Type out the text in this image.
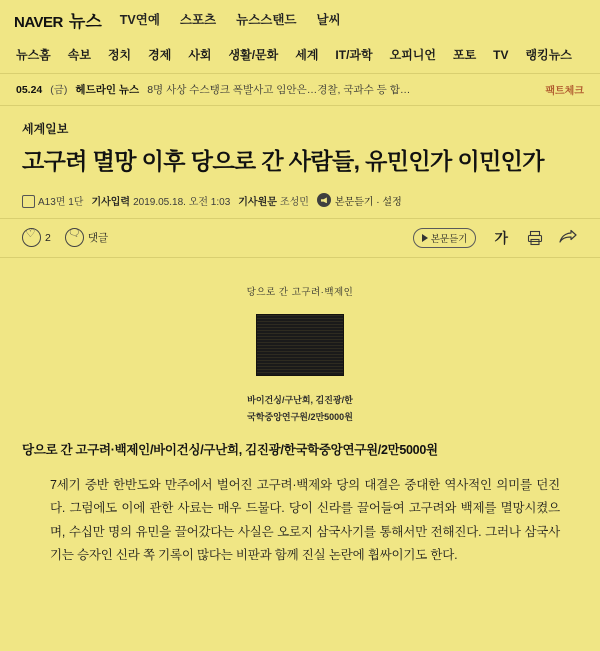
NAVER 뉴스 TV연예 스포츠 뉴스스탠드 날씨
뉴스홈 속보 정치 경제 사회 생활/문화 세계 IT/과학 오피니언 포토 TV 랭킹뉴스
05.24 (금) 헤드라인 뉴스 8명 사상 수스탱크 폭발사고 임안은…경찰, 국과수 등 합…	팩트체크
세계일보
고구려 멸망 이후 당으로 간 사람들, 유민인가 이민인가
A13면 1단 기사입력 2019.05.18. 오전 1:03 기사원문 조성민	본문듣기 · 설정
♡
2 🗨	댓글	본문듣기 가
당으로 간 고구려·백제인
바이건싱/구난희, 김진광/한
국학중앙연구원/2만5000원
당으로 간 고구려·백제인/바이건싱/구난희, 김진광/한국학중앙연구원/2만5000원
7세기 중반 한반도와 만주에서 벌어진 고구려·백제와 당의 대결은 중대한 역사적인 의미를 던진다. 그럼에도 이에 관한 사료는 매우 드물다. 당이 신라를 끌어들여 고구려와 백제를 멸망시켰으며, 수십만 명의 유민을 끌어갔다는 사실은 오로지 삼국사기를 통해서만 전해진다. 그러나 삼국사기는 승자인 신라 쪽 기록이 많다는 비판과 함께 진실 논란에 휩싸이기도 한다.
